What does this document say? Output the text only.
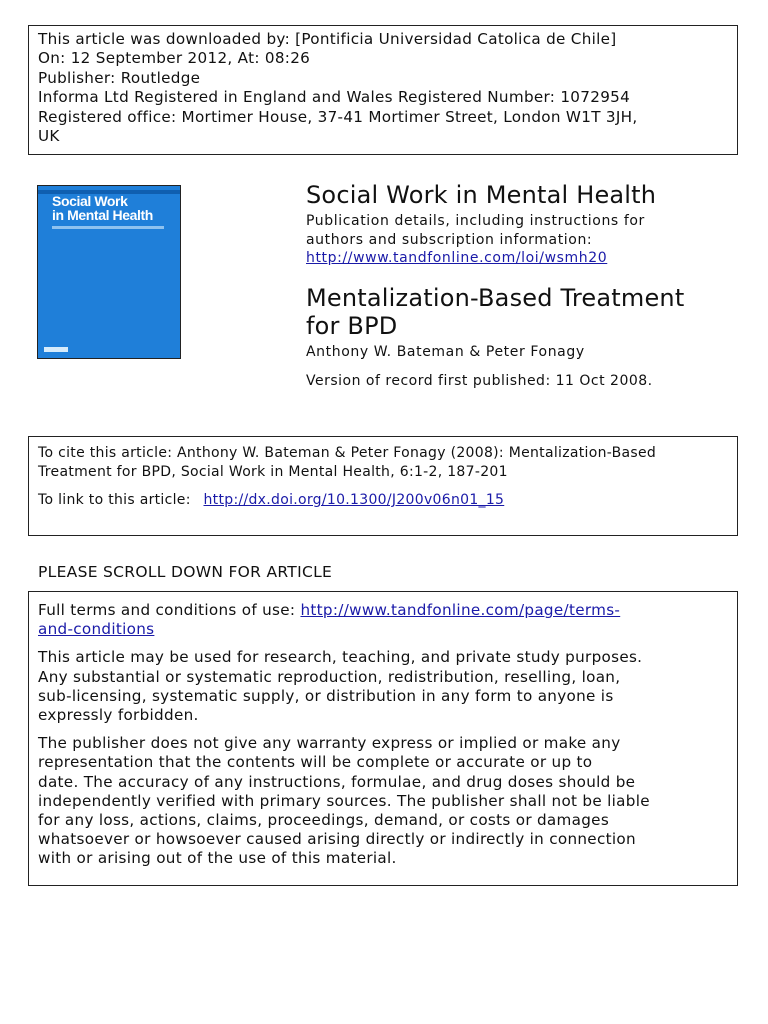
This article was downloaded by: [Pontificia Universidad Catolica de Chile]
On: 12 September 2012, At: 08:26
Publisher: Routledge
Informa Ltd Registered in England and Wales Registered Number: 1072954
Registered office: Mortimer House, 37-41 Mortimer Street, London W1T 3JH,
UK
Social Work
in Mental Health
Social Work in Mental Health
Publication details, including instructions for
authors and subscription information:
http://www.tandfonline.com/loi/wsmh20
Mentalization-Based Treatment
for BPD
Anthony W. Bateman & Peter Fonagy
Version of record first published: 11 Oct 2008.
To cite this article: Anthony W. Bateman & Peter Fonagy (2008): Mentalization-Based
Treatment for BPD, Social Work in Mental Health, 6:1-2, 187-201
To link to this article: http://dx.doi.org/10.1300/J200v06n01_15
PLEASE SCROLL DOWN FOR ARTICLE
Full terms and conditions of use: http://www.tandfonline.com/page/terms-
and-conditions
This article may be used for research, teaching, and private study purposes.
Any substantial or systematic reproduction, redistribution, reselling, loan,
sub-licensing, systematic supply, or distribution in any form to anyone is
expressly forbidden.
The publisher does not give any warranty express or implied or make any
representation that the contents will be complete or accurate or up to
date. The accuracy of any instructions, formulae, and drug doses should be
independently verified with primary sources. The publisher shall not be liable
for any loss, actions, claims, proceedings, demand, or costs or damages
whatsoever or howsoever caused arising directly or indirectly in connection
with or arising out of the use of this material.
